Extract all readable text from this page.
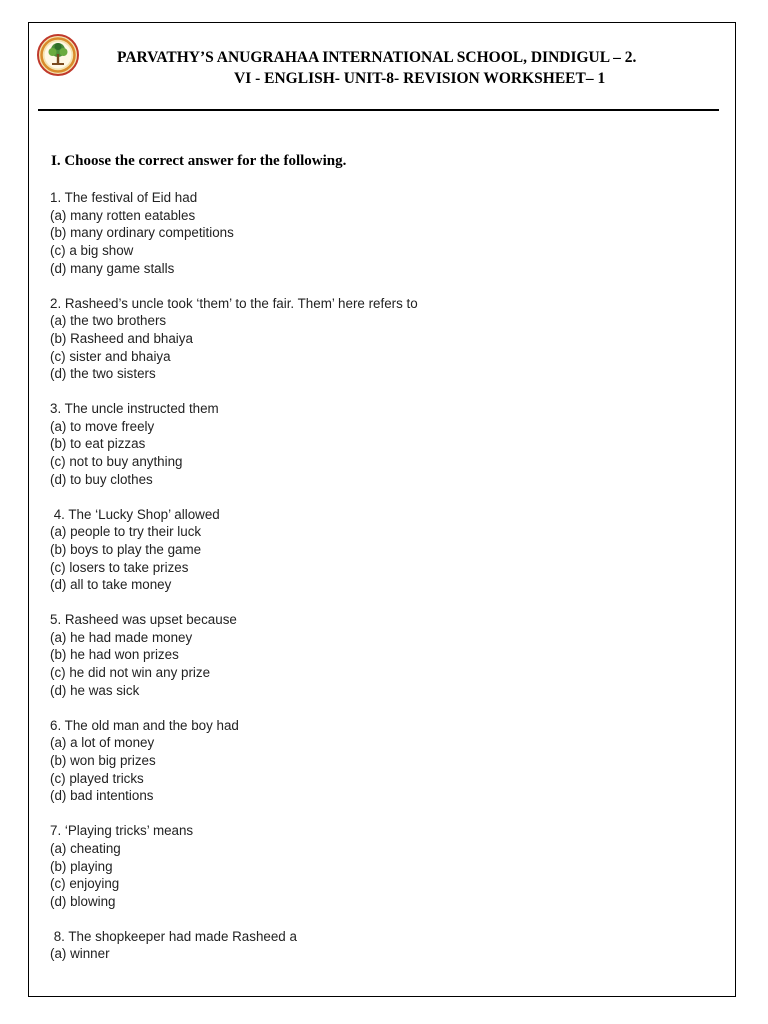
PARVATHY’S ANUGRAHAA INTERNATIONAL SCHOOL, DINDIGUL – 2.
VI - ENGLISH- UNIT-8- REVISION WORKSHEET– 1
I. Choose the correct answer for the following.
1. The festival of Eid had
(a) many rotten eatables
(b) many ordinary competitions
(c) a big show
(d) many game stalls
2. Rasheed’s uncle took ‘them’ to the fair. Them’ here refers to
(a) the two brothers
(b) Rasheed and bhaiya
(c) sister and bhaiya
(d) the two sisters
3. The uncle instructed them
(a) to move freely
(b) to eat pizzas
(c) not to buy anything
(d) to buy clothes
4. The ‘Lucky Shop’ allowed
(a) people to try their luck
(b) boys to play the game
(c) losers to take prizes
(d) all to take money
5. Rasheed was upset because
(a) he had made money
(b) he had won prizes
(c) he did not win any prize
(d) he was sick
6. The old man and the boy had
(a) a lot of money
(b) won big prizes
(c) played tricks
(d) bad intentions
7. ‘Playing tricks’ means
(a) cheating
(b) playing
(c) enjoying
(d) blowing
8. The shopkeeper had made Rasheed a
(a) winner
